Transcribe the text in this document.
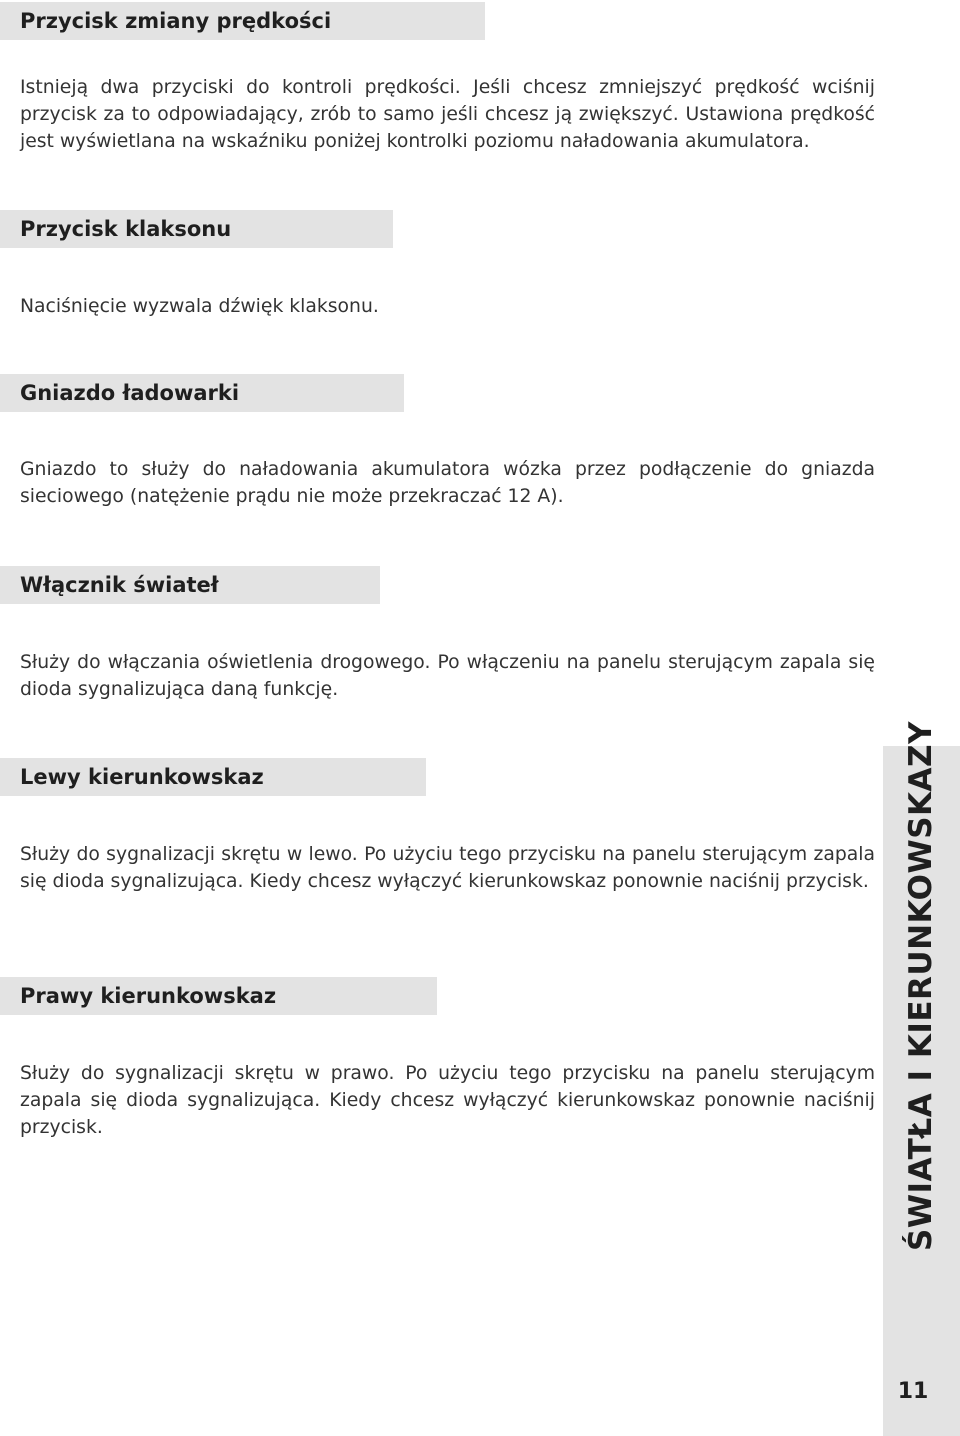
Przycisk zmiany prędkości

Istnieją dwa przyciski do kontroli prędkości. Jeśli chcesz zmniejszyć prędkość wciśnij przycisk za to odpowiadający, zrób to samo jeśli chcesz ją zwiększyć. Ustawiona prędkość jest wyświetlana na wskaźniku poniżej kontrolki poziomu naładowania akumulatora.

Przycisk klaksonu

Naciśnięcie wyzwala dźwięk klaksonu.

Gniazdo ładowarki

Gniazdo to służy do naładowania akumulatora wózka przez podłączenie do gniazda sieciowego (natężenie prądu nie może przekraczać 12 A).

Włącznik świateł

Służy do włączania oświetlenia drogowego. Po włączeniu na panelu sterującym zapala się dioda sygnalizująca daną funkcję.

Lewy kierunkowskaz

Służy do sygnalizacji skrętu w lewo. Po użyciu tego przycisku na panelu sterującym zapala się dioda sygnalizująca. Kiedy chcesz wyłączyć kierunkowskaz ponownie naciśnij przycisk.

Prawy kierunkowskaz

Służy do sygnalizacji skrętu w prawo. Po użyciu tego przycisku na panelu sterującym zapala się dioda sygnalizująca. Kiedy chcesz wyłączyć kierunkowskaz ponownie naciśnij przycisk.	ŚWIATŁA I KIERUNKOWSKAZY
11
